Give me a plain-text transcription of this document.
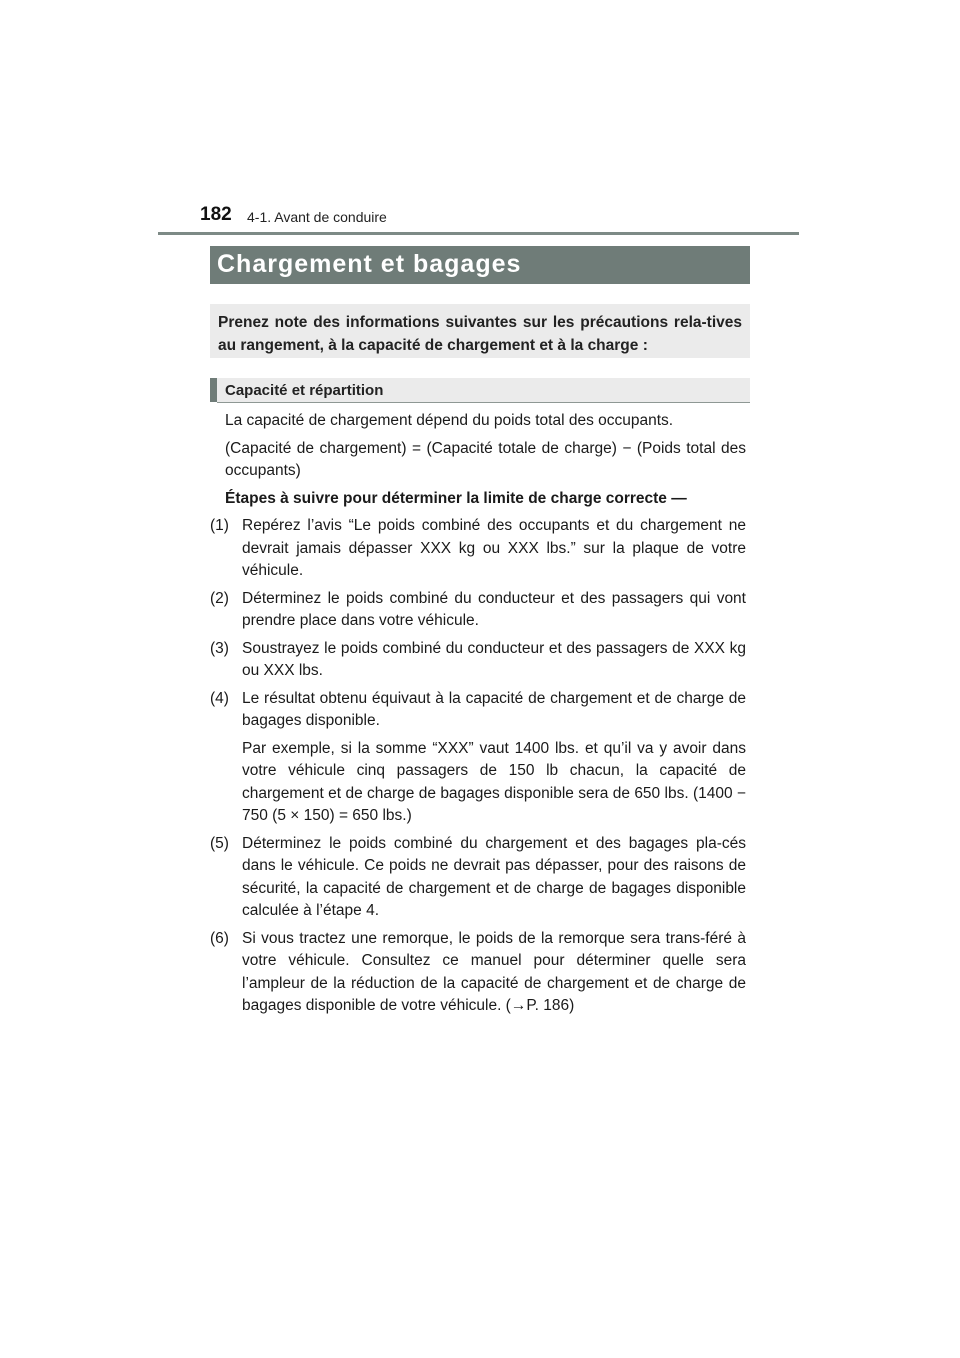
182 4-1. Avant de conduire
Chargement et bagages

Prenez note des informations suivantes sur les précautions rela-tives au rangement, à la capacité de chargement et à la charge :

Capacité et répartition

La capacité de chargement dépend du poids total des occupants.

(Capacité de chargement) = (Capacité totale de charge) − (Poids total des occupants)

Étapes à suivre pour déterminer la limite de charge correcte —

(1) Repérez l’avis “Le poids combiné des occupants et du chargement ne devrait jamais dépasser XXX kg ou XXX lbs.” sur la plaque de votre véhicule.
(2) Déterminez le poids combiné du conducteur et des passagers qui vont prendre place dans votre véhicule.
(3) Soustrayez le poids combiné du conducteur et des passagers de XXX kg ou XXX lbs.
(4) Le résultat obtenu équivaut à la capacité de chargement et de charge de bagages disponible.
Par exemple, si la somme “XXX” vaut 1400 lbs. et qu’il va y avoir dans votre véhicule cinq passagers de 150 lb chacun, la capacité de chargement et de charge de bagages disponible sera de 650 lbs. (1400 − 750 (5 × 150) = 650 lbs.)
(5) Déterminez le poids combiné du chargement et des bagages pla-cés dans le véhicule. Ce poids ne devrait pas dépasser, pour des raisons de sécurité, la capacité de chargement et de charge de bagages disponible calculée à l’étape 4.
(6) Si vous tractez une remorque, le poids de la remorque sera trans-féré à votre véhicule. Consultez ce manuel pour déterminer quelle sera l’ampleur de la réduction de la capacité de chargement et de charge de bagages disponible de votre véhicule. (→P. 186)
